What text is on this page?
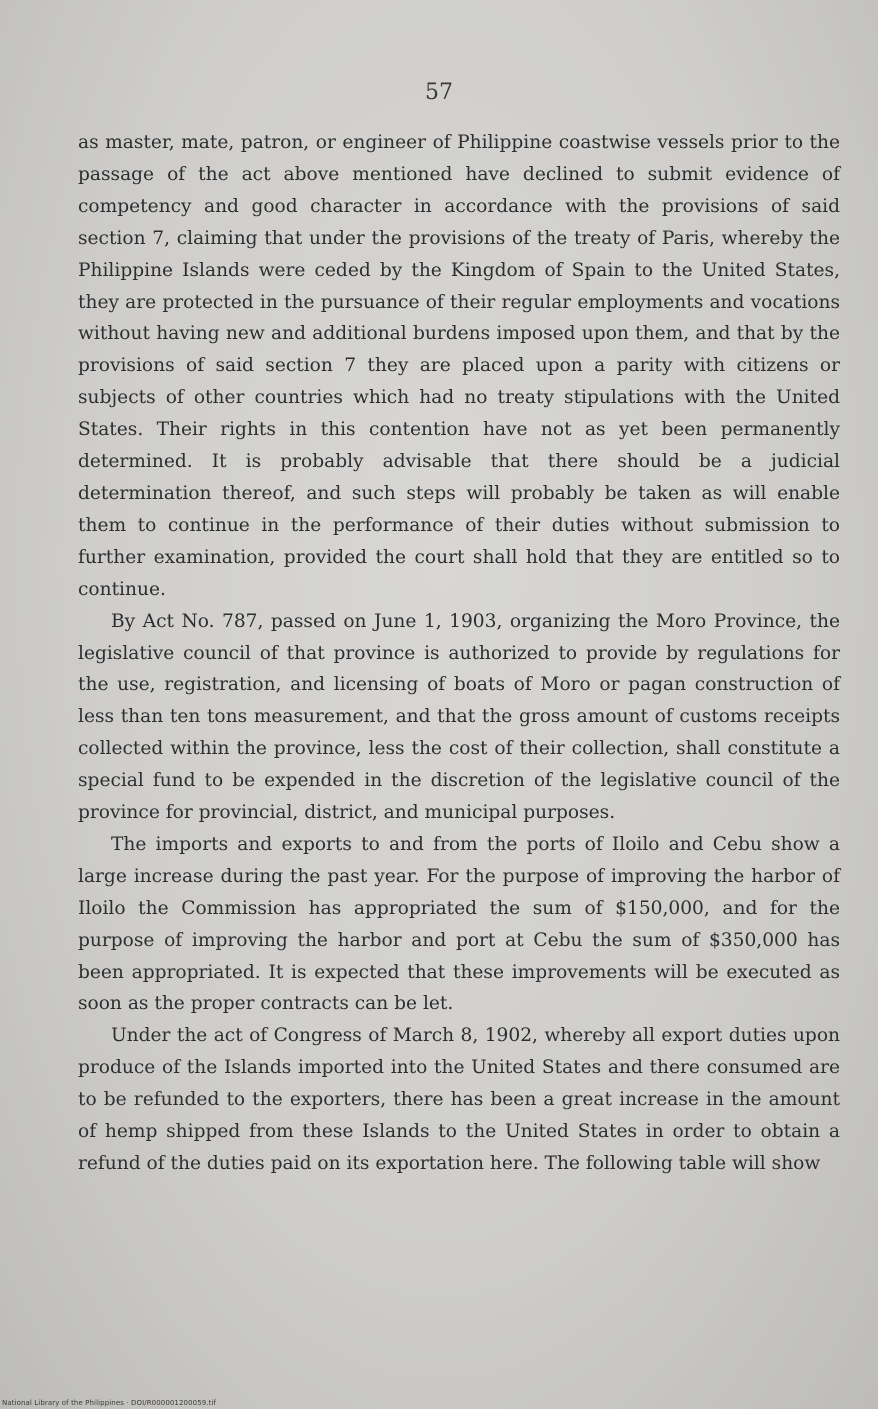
57

as master, mate, patron, or engineer of Philippine coastwise vessels prior to the passage of the act above mentioned have declined to submit evidence of competency and good character in accordance with the provisions of said section 7, claiming that under the provisions of the treaty of Paris, whereby the Philippine Islands were ceded by the Kingdom of Spain to the United States, they are protected in the pursuance of their regular employments and vocations without having new and additional burdens imposed upon them, and that by the provisions of said section 7 they are placed upon a parity with citizens or subjects of other countries which had no treaty stipulations with the United States. Their rights in this contention have not as yet been permanently determined. It is probably advisable that there should be a judicial determination thereof, and such steps will probably be taken as will enable them to continue in the performance of their duties without submission to further examination, provided the court shall hold that they are entitled so to continue.

By Act No. 787, passed on June 1, 1903, organizing the Moro Province, the legislative council of that province is authorized to provide by regulations for the use, registration, and licensing of boats of Moro or pagan construction of less than ten tons measurement, and that the gross amount of customs receipts collected within the province, less the cost of their collection, shall constitute a special fund to be expended in the discretion of the legislative council of the province for provincial, district, and municipal purposes.

The imports and exports to and from the ports of Iloilo and Cebu show a large increase during the past year. For the purpose of improving the harbor of Iloilo the Commission has appropriated the sum of $150,000, and for the purpose of improving the harbor and port at Cebu the sum of $350,000 has been appropriated. It is expected that these improvements will be executed as soon as the proper contracts can be let.

Under the act of Congress of March 8, 1902, whereby all export duties upon produce of the Islands imported into the United States and there consumed are to be refunded to the exporters, there has been a great increase in the amount of hemp shipped from these Islands to the United States in order to obtain a refund of the duties paid on its exportation here. The following table will show

National Library of the Philippines · DOI/R000001200059.tif
